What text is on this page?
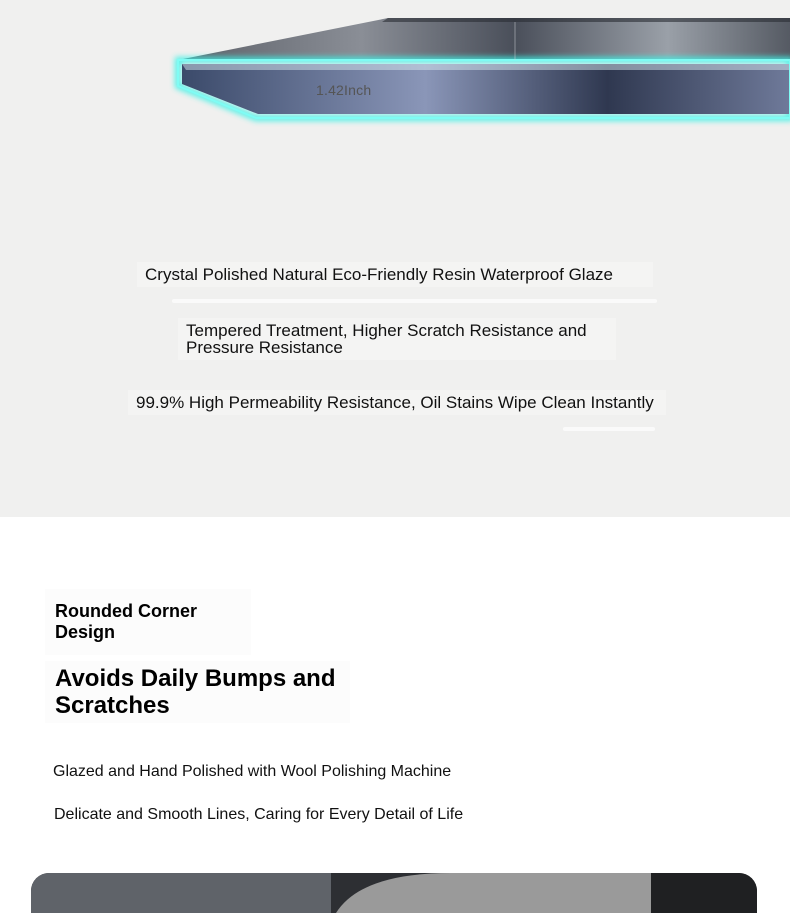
1.42Inch
Crystal Polished Natural Eco-Friendly Resin Waterproof Glaze
Tempered Treatment, Higher Scratch Resistance and Pressure Resistance
99.9% High Permeability Resistance, Oil Stains Wipe Clean Instantly
Rounded Corner Design
Avoids Daily Bumps and Scratches
Glazed and Hand Polished with Wool Polishing Machine
Delicate and Smooth Lines, Caring for Every Detail of Life
